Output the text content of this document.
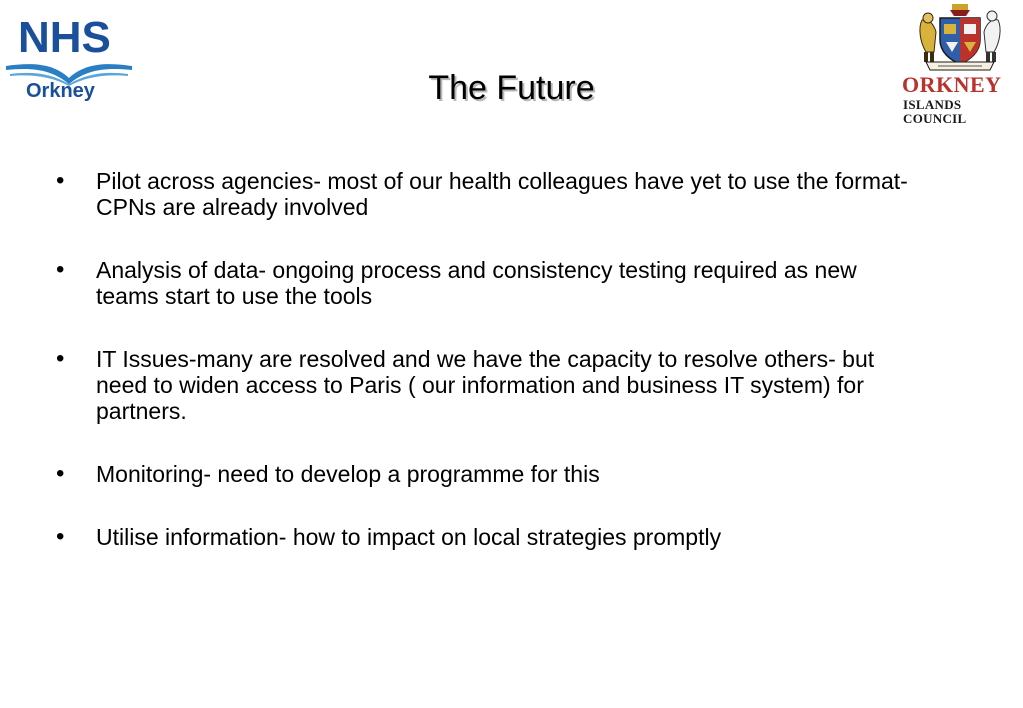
NHS
Orkney	ORKNEY
ISLANDS COUNCIL
The Future
• Pilot across agencies- most of our health colleagues have yet to use the format- CPNs are already involved
• Analysis of data- ongoing process and consistency testing required as new teams start to use the tools
• IT Issues-many are resolved and we have the capacity to resolve others- but need to widen access to Paris ( our information and business IT system) for partners.
• Monitoring- need to develop a programme for this
• Utilise information- how to impact on local strategies promptly
